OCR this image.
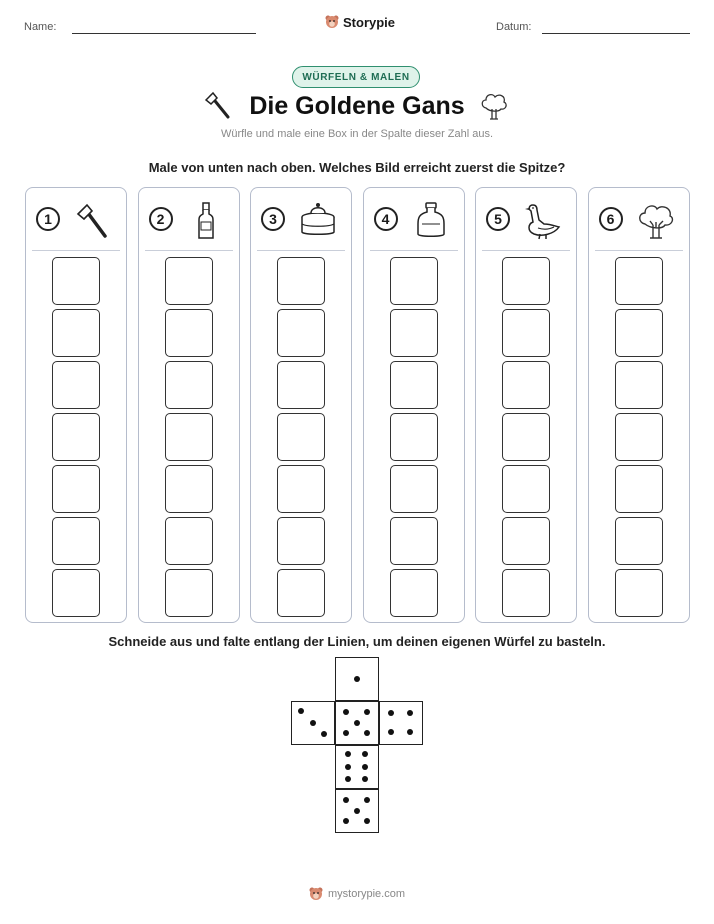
Name:	Storypie	Datum:
WÜRFELN & MALEN
Die Goldene Gans
Würfle und male eine Box in der Spalte dieser Zahl aus.
Male von unten nach oben. Welches Bild erreicht zuerst die Spitze?
1	2	3	4	5	6
Schneide aus und falte entlang der Linien, um deinen eigenen Würfel zu basteln.
mystorypie.com
